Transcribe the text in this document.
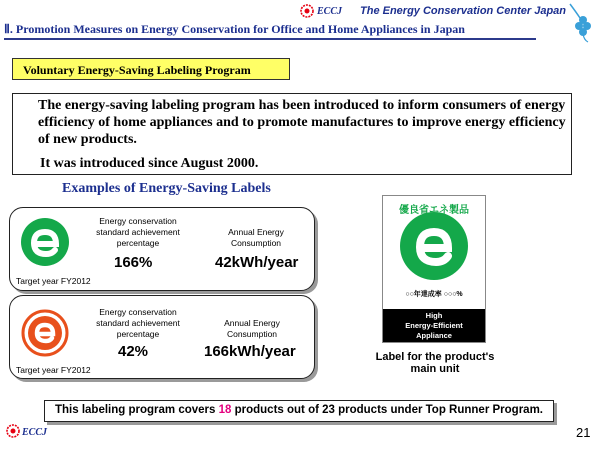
ECCJ The Energy Conservation Center Japan
Ⅱ. Promotion Measures on Energy Conservation for Office and Home Appliances in Japan
Voluntary Energy-Saving Labeling Program
The energy-saving labeling program has been introduced to inform consumers of energy efficiency of home appliances and to promote manufactures to improve energy efficiency of new products.
It was introduced since August 2000.
Examples of Energy-Saving Labels
Energy conservation standard achievement percentage
166%
Annual Energy Consumption
42kWh/year
Target year FY2012
Energy conservation standard achievement percentage
42%
Annual Energy Consumption
166kWh/year
Target year FY2012
優良省エネ製品
○○年達成率 ○○○%
High
Energy-Efficient
Appliance
Label for the product's main unit
This labeling program covers 18 products out of 23 products under Top Runner Program.
ECCJ	21
